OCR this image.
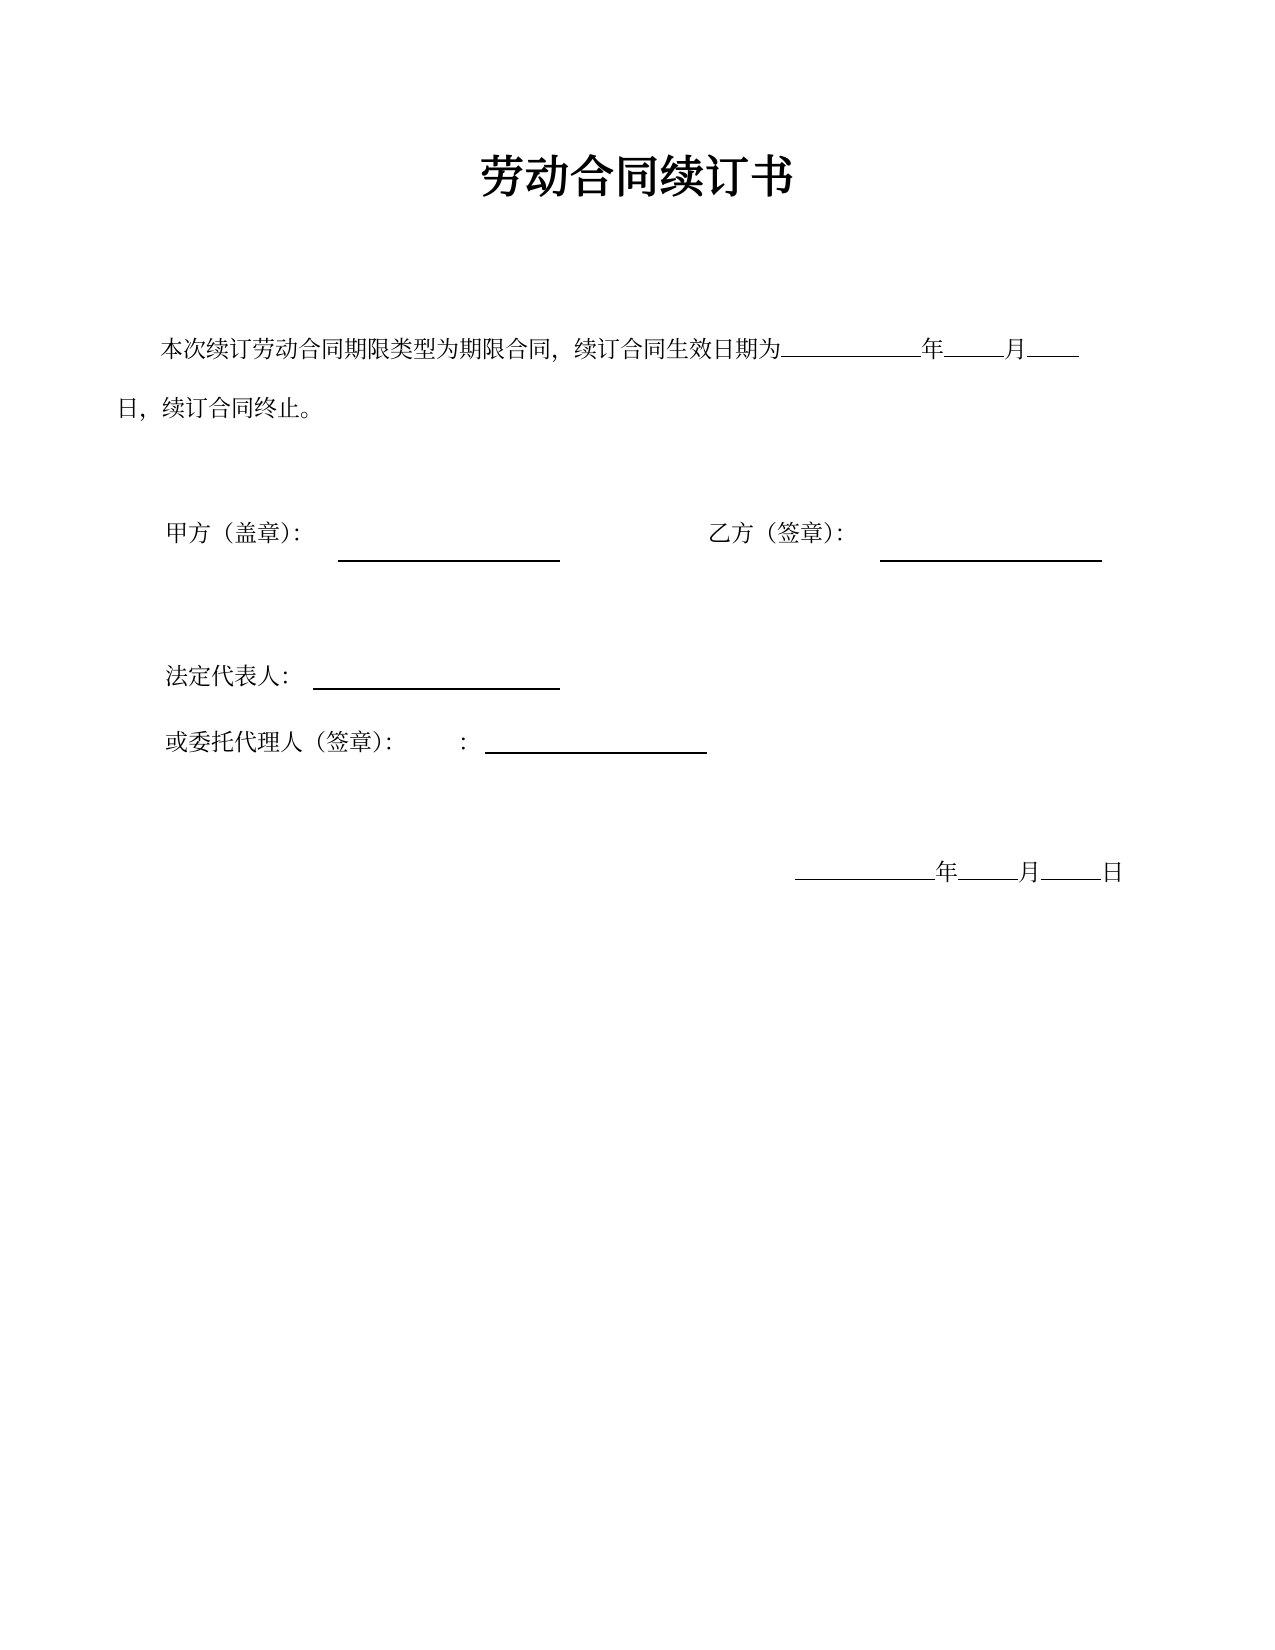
劳动合同续订书
本次续订劳动合同期限类型为期限合同，续订合同生效日期为	年	月
日，续订合同终止。
甲方（盖章）：	乙方（签章）：
法定代表人：
或委托代理人（签章）： ：
年	月	日
